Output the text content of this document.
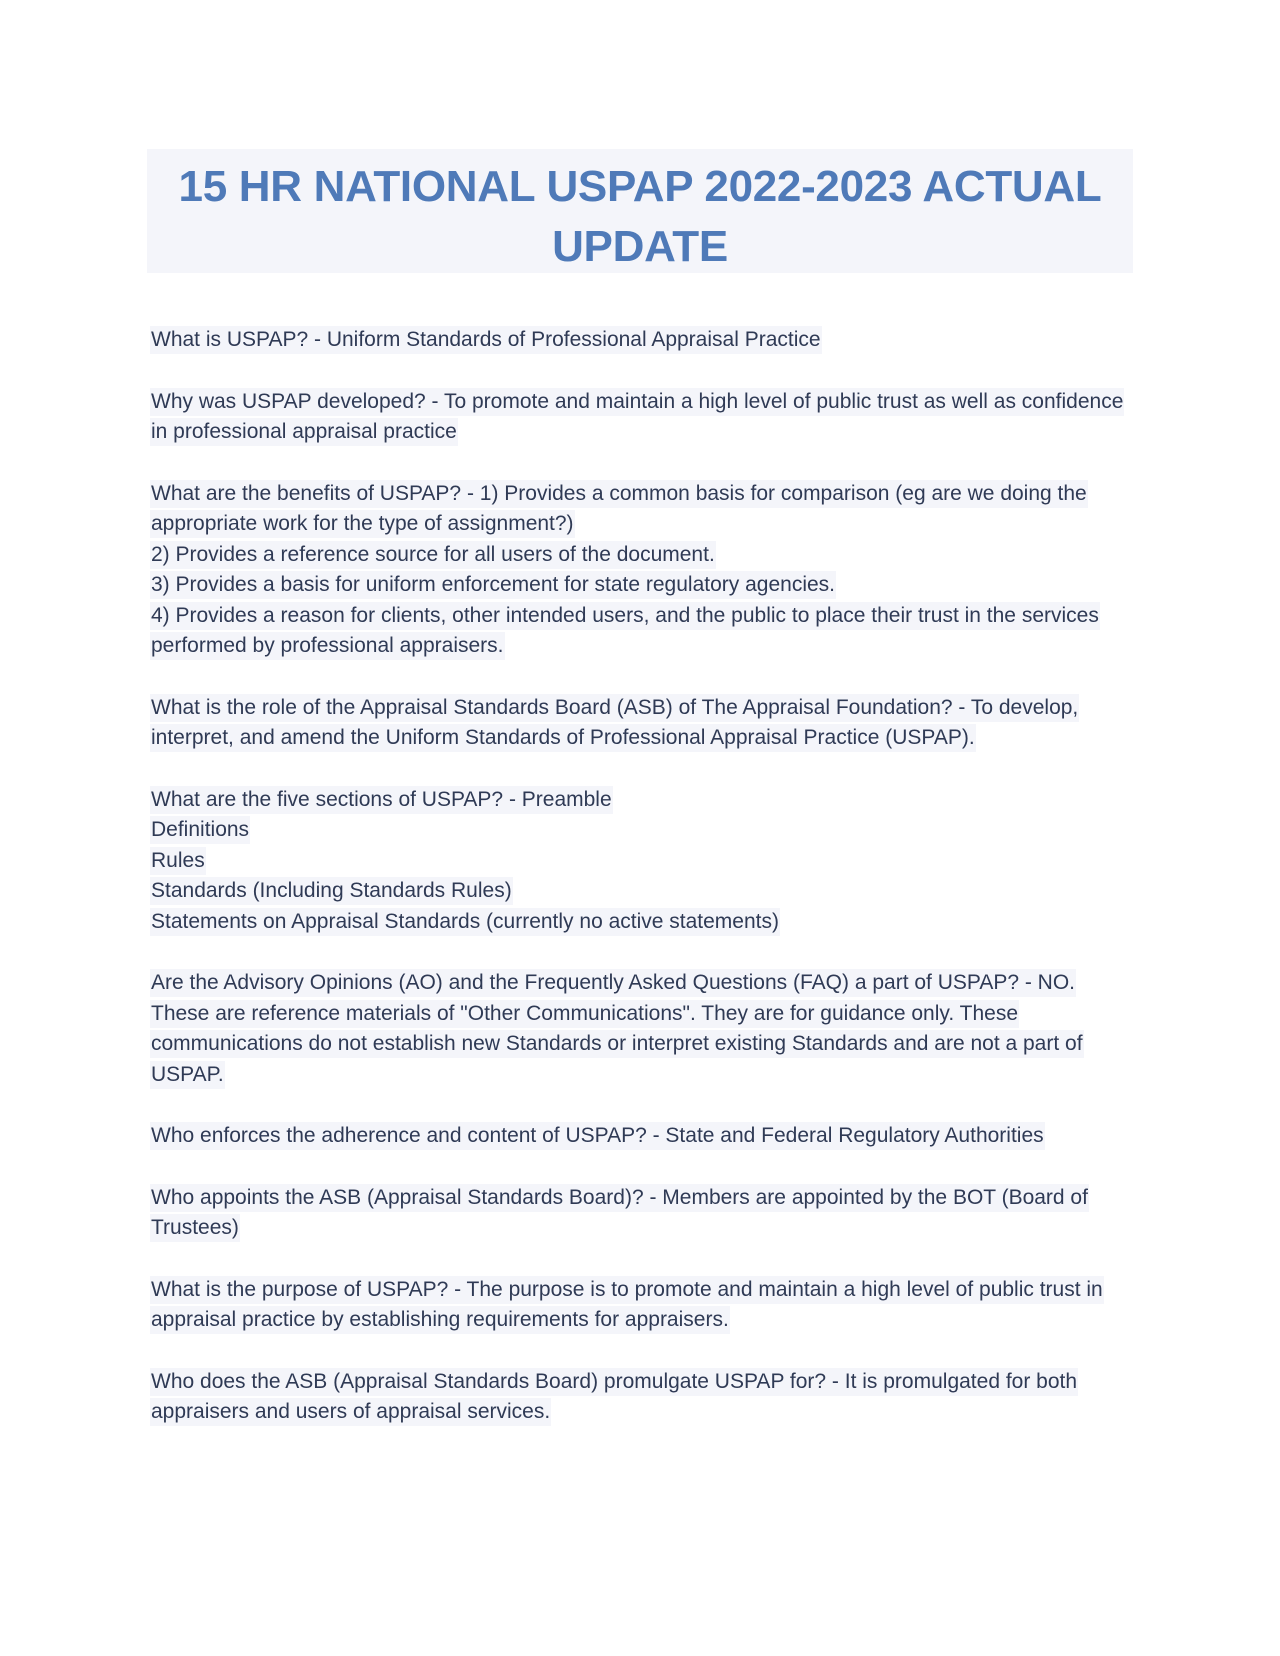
15 HR NATIONAL USPAP 2022-2023 ACTUAL UPDATE

What is USPAP? - Uniform Standards of Professional Appraisal Practice

Why was USPAP developed? - To promote and maintain a high level of public trust as well as confidence in professional appraisal practice

What are the benefits of USPAP? - 1) Provides a common basis for comparison (eg are we doing the appropriate work for the type of assignment?)
2) Provides a reference source for all users of the document.
3) Provides a basis for uniform enforcement for state regulatory agencies.
4) Provides a reason for clients, other intended users, and the public to place their trust in the services performed by professional appraisers.

What is the role of the Appraisal Standards Board (ASB) of The Appraisal Foundation? - To develop, interpret, and amend the Uniform Standards of Professional Appraisal Practice (USPAP).

What are the five sections of USPAP? - Preamble
Definitions
Rules
Standards (Including Standards Rules)
Statements on Appraisal Standards (currently no active statements)

Are the Advisory Opinions (AO) and the Frequently Asked Questions (FAQ) a part of USPAP? - NO. These are reference materials of "Other Communications". They are for guidance only. These communications do not establish new Standards or interpret existing Standards and are not a part of USPAP.

Who enforces the adherence and content of USPAP? - State and Federal Regulatory Authorities

Who appoints the ASB (Appraisal Standards Board)? - Members are appointed by the BOT (Board of Trustees)

What is the purpose of USPAP? - The purpose is to promote and maintain a high level of public trust in appraisal practice by establishing requirements for appraisers.

Who does the ASB (Appraisal Standards Board) promulgate USPAP for? - It is promulgated for both appraisers and users of appraisal services.
